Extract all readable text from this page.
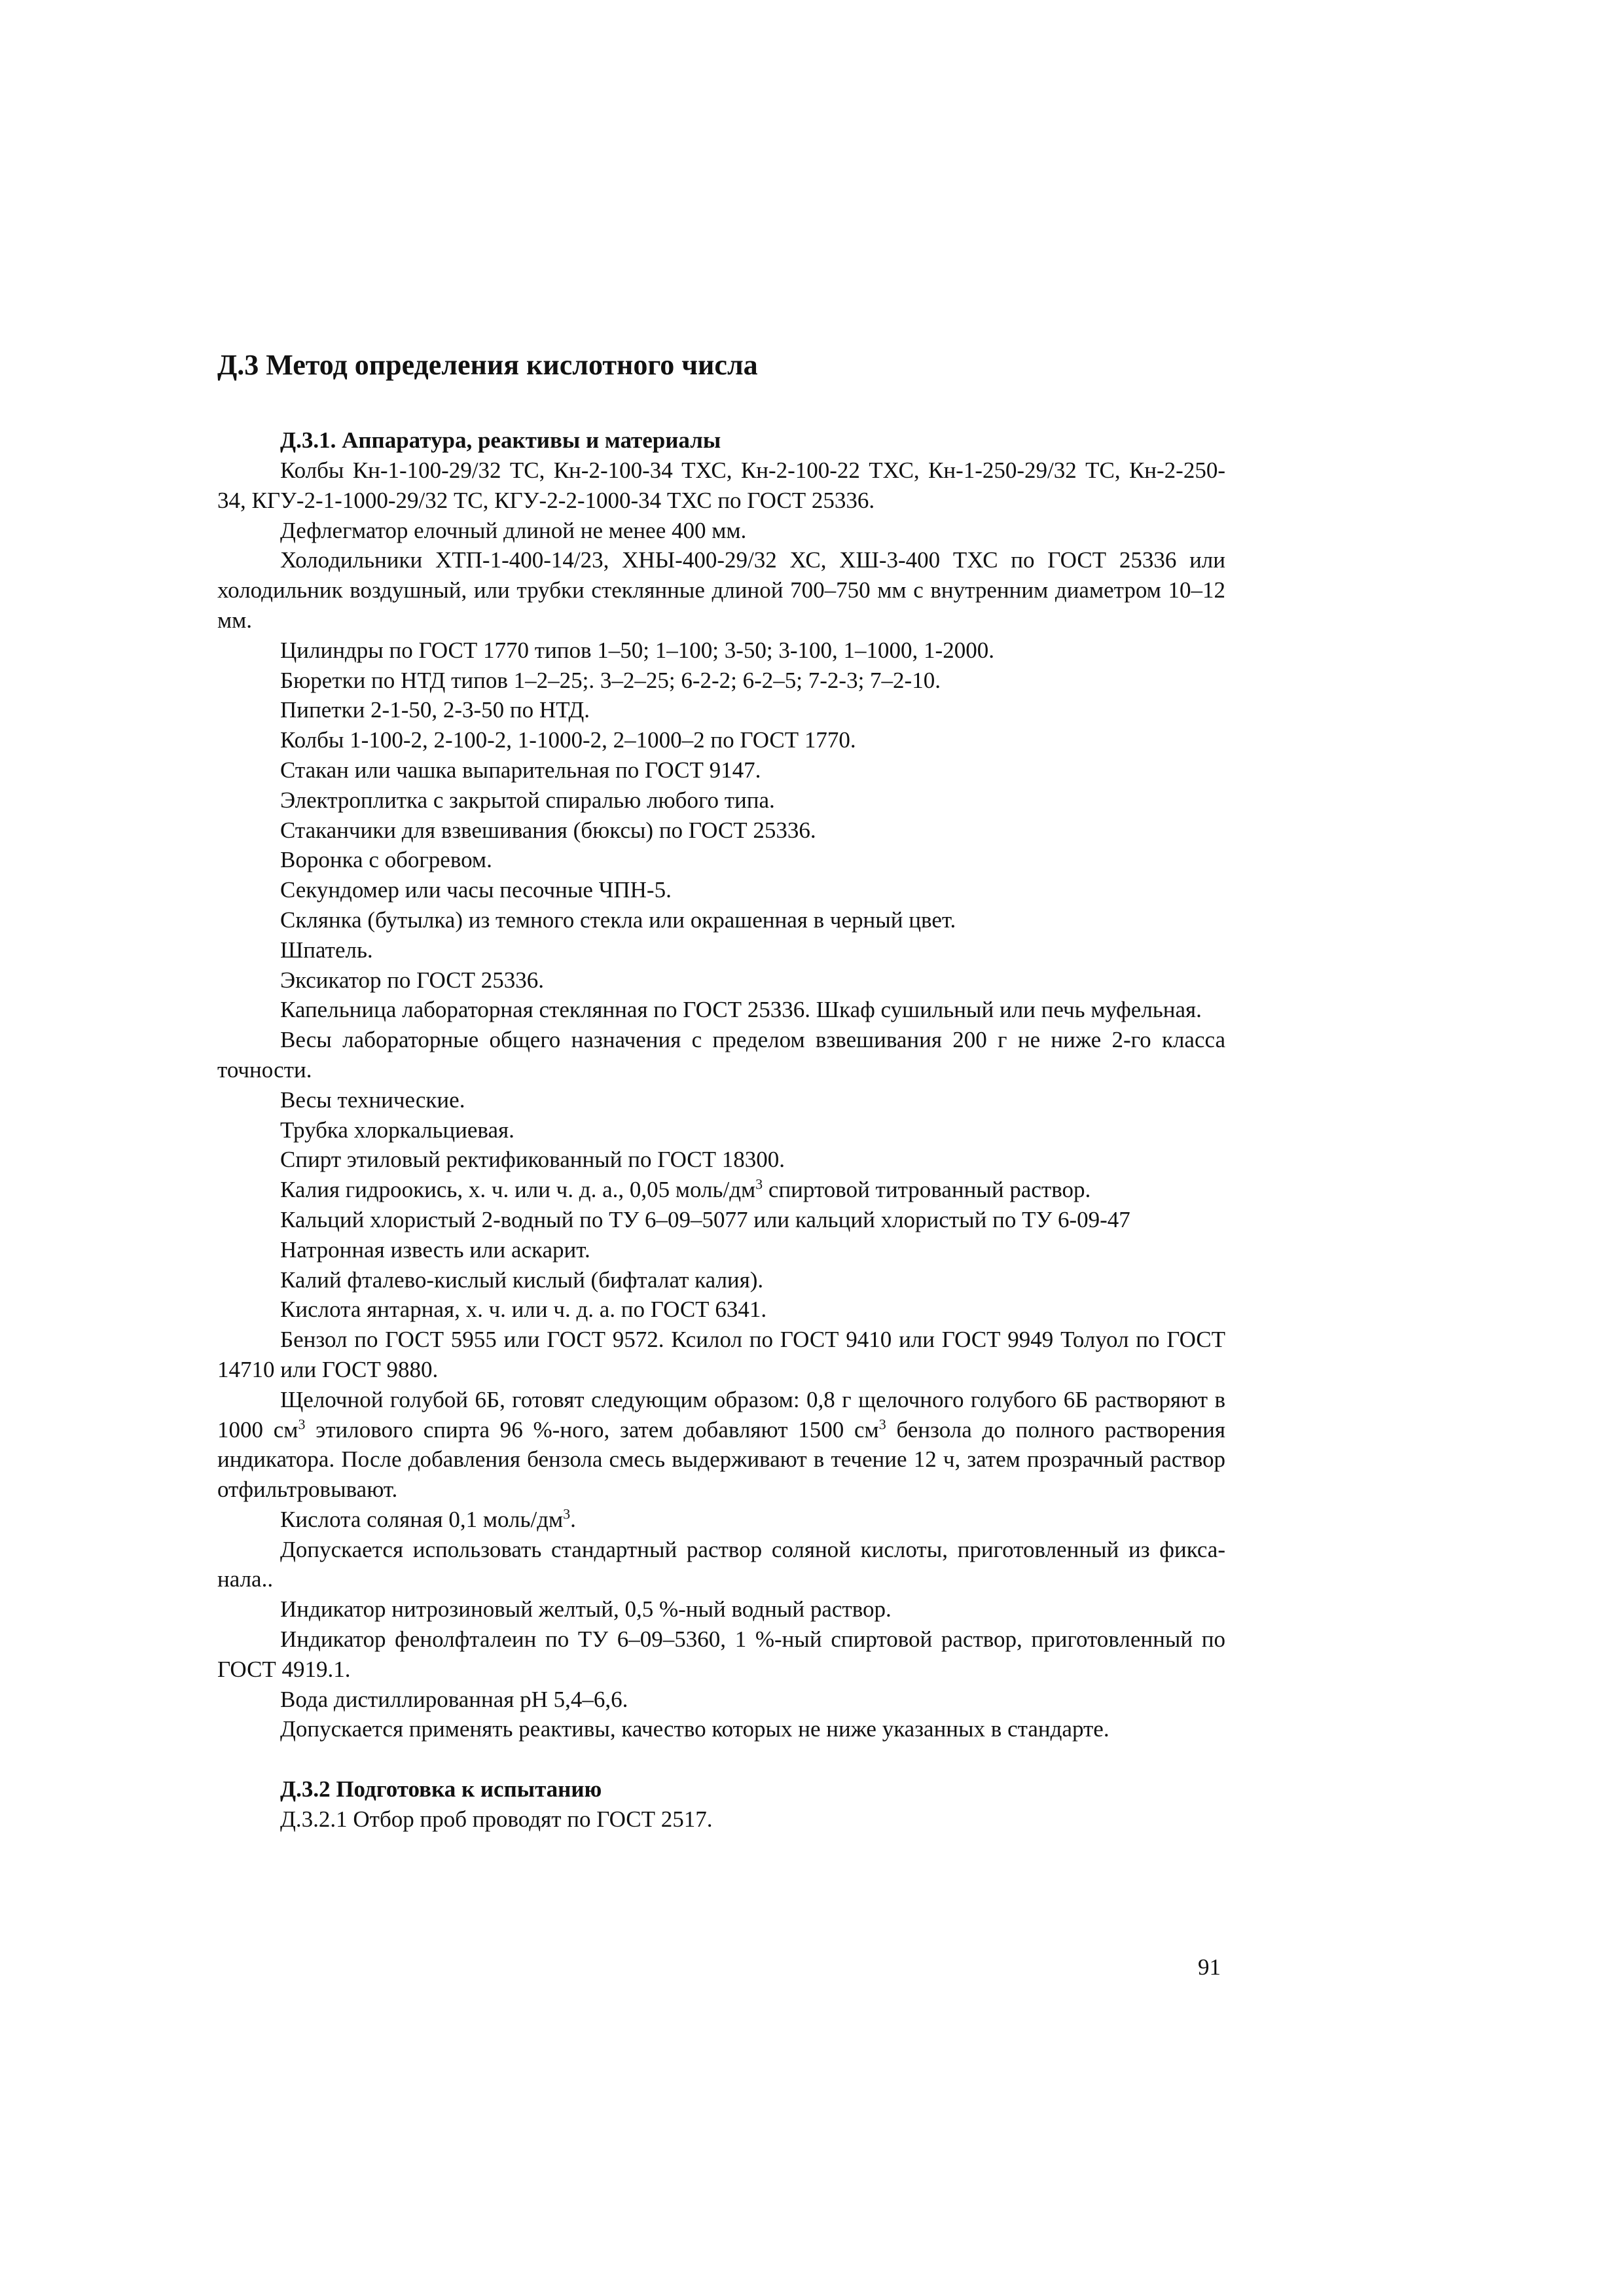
Д.3 Метод определения кислотного числа

Д.3.1. Аппаратура, реактивы и материалы

Колбы Кн-1-100-29/32 ТС, Кн-2-100-34 ТХС, Кн-2-100-22 ТХС, Кн-1-250-29/32 ТС, Кн-2-250-34, КГУ-2-1-1000-29/32 ТС, КГУ-2-2-1000-34 ТХС по ГОСТ 25336.

Дефлегматор елочный длиной не менее 400 мм.

Холодильники ХТП-1-400-14/23, ХНЫ-400-29/32 ХС, ХШ-3-400 ТХС по ГОСТ 25336 или холодильник воздушный, или трубки стеклянные длиной 700–750 мм с внутренним диаметром 10–12 мм.

Цилиндры по ГОСТ 1770 типов 1–50; 1–100; 3-50; 3-100, 1–1000, 1-2000.

Бюретки по НТД типов 1–2–25;. 3–2–25; 6-2-2; 6-2–5; 7-2-3; 7–2-10.

Пипетки 2-1-50, 2-3-50 по НТД.

Колбы 1-100-2, 2-100-2, 1-1000-2, 2–1000–2 по ГОСТ 1770.

Стакан или чашка выпарительная по ГОСТ 9147.

Электроплитка с закрытой спиралью любого типа.

Стаканчики для взвешивания (бюксы) по ГОСТ 25336.

Воронка с обогревом.

Секундомер или часы песочные ЧПН-5.

Склянка (бутылка) из темного стекла или окрашенная в черный цвет.

Шпатель.

Эксикатор по ГОСТ 25336.

Капельница лабораторная стеклянная по ГОСТ 25336. Шкаф сушильный или печь муфельная.

Весы лабораторные общего назначения с пределом взвешивания 200 г не ниже 2-го класса точности.

Весы технические.

Трубка хлоркальциевая.

Спирт этиловый ректификованный по ГОСТ 18300.

Калия гидроокись, х. ч. или ч. д. а., 0,05 моль/$дм^3$ спиртовой титрованный раствор.

Кальций хлористый 2-водный по ТУ 6–09–5077 или кальций хлористый по ТУ 6-09-47

Натронная известь или аскарит.

Калий фталево-кислый кислый (бифталат калия).

Кислота янтарная, х. ч. или ч. д. а. по ГОСТ 6341.

Бензол по ГОСТ 5955 или ГОСТ 9572. Ксилол по ГОСТ 9410 или ГОСТ 9949 Толуол по ГОСТ 14710 или ГОСТ 9880.

Щелочной голубой 6Б, готовят следующим образом: 0,8 г щелочного голубого 6Б растворяют в 1000 $см^3$ этилового спирта 96 %-ного, затем добавляют 1500 $см^3$ бензола до полного растворения индикатора. После добавления бензола смесь выдерживают в течение 12 ч, затем прозрачный раствор отфильтровывают.

Кислота соляная 0,1 моль/$дм^3$.

Допускается использовать стандартный раствор соляной кислоты, приготовленный из фикса-нала..

Индикатор нитрозиновый желтый, 0,5 %-ный водный раствор.

Индикатор фенолфталеин по ТУ 6–09–5360, 1 %-ный спиртовой раствор, приготовленный по ГОСТ 4919.1.

Вода дистиллированная pH 5,4–6,6.

Допускается применять реактивы, качество которых не ниже указанных в стандарте.

Д.3.2 Подготовка к испытанию

Д.3.2.1 Отбор проб проводят по ГОСТ 2517.

91
